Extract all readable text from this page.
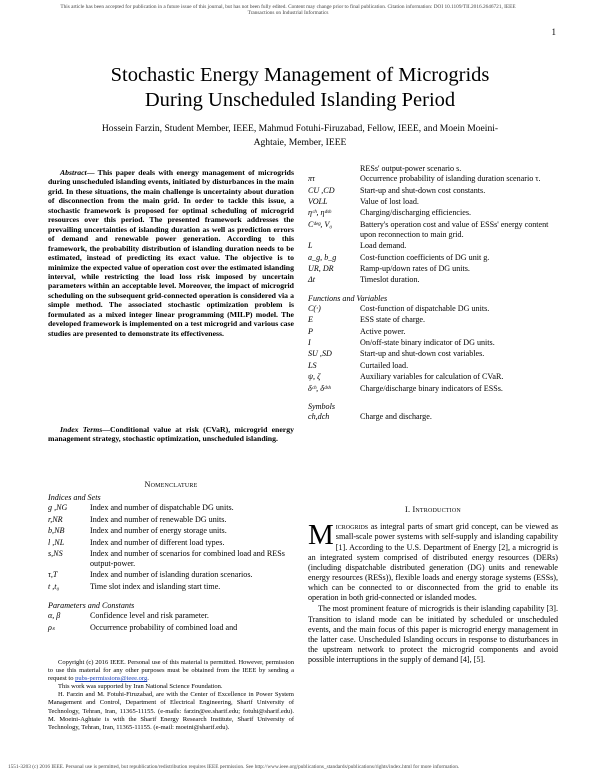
This article has been accepted for publication in a future issue of this journal, but has not been fully edited. Content may change prior to final publication. Citation information: DOI 10.1109/TII.2016.2646721, IEEE
Transactions on Industrial Informatics
1
Stochastic Energy Management of Microgrids
During Unscheduled Islanding Period
Hossein Farzin, Student Member, IEEE, Mahmud Fotuhi-Firuzabad, Fellow, IEEE, and Moein Moeini-
Aghtaie, Member, IEEE
Abstract— This paper deals with energy management of microgrids during unscheduled islanding events, initiated by disturbances in the main grid. In these situations, the main challenge is uncertainty about duration of disconnection from the main grid. In order to tackle this issue, a stochastic framework is proposed for optimal scheduling of microgrid resources over this period. The presented framework addresses the prevailing uncertainties of islanding duration as well as prediction errors of demand and renewable power generation. According to this framework, the probability distribution of islanding duration needs to be estimated, instead of predicting its exact value. The objective is to minimize the expected value of operation cost over the estimated islanding interval, while restricting the load loss risk imposed by uncertain parameters within an acceptable level. Moreover, the impact of microgrid scheduling on the subsequent grid-connected operation is considered via a simple method. The associated stochastic optimization problem is formulated as a mixed integer linear programming (MILP) model. The developed framework is implemented on a test microgrid and various case studies are presented to demonstrate its effectiveness.
Index Terms—Conditional value at risk (CVaR), microgrid energy management strategy, stochastic optimization, unscheduled islanding.
Nomenclature
Indices and Sets
g ,NG	Index and number of dispatchable DG units.
r,NR	Index and number of renewable DG units.
b,NB	Index and number of energy storage units.
l ,NL	Index and number of different load types.
s,NS	Index and number of scenarios for combined load and RESs output-power.
τ,T	Index and number of islanding duration scenarios.
t ,t₀	Time slot index and islanding start time.
Parameters and Constants
α, β	Confidence level and risk parameter.
ρₛ	Occurrence probability of combined load and
Copyright (c) 2016 IEEE. Personal use of this material is permitted. However, permission to use this material for any other purposes must be obtained from the IEEE by sending a request to pubs-permissions@ieee.org.
This work was supported by Iran National Science Foundation.
H. Farzin and M. Fotuhi-Firuzabad, are with the Center of Excellence in Power System Management and Control, Department of Electrical Engineering, Sharif University of Technology, Tehran, Iran, 11365-11155. (e-mails: farzin@ee.sharif.edu; fotuhi@sharif.edu). M. Moeini-Aghtaie is with the Sharif Energy Research Institute, Sharif University of Technology, Tehran, Iran, 11365-11155. (e-mail: moeini@sharif.edu).
RESs' output-power scenario s.
πτ	Occurrence probability of islanding duration scenario τ.
CU ,CD	Start-up and shut-down cost constants.
VOLL	Value of lost load.
ηᶜʰ, ηᵈˢʰ	Charging/discharging efficiencies.
Cᵈᵉᵍ, V₀	Battery's operation cost and value of ESSs' energy content upon reconnection to main grid.
L	Load demand.
a_g, b_g	Cost-function coefficients of DG unit g.
UR, DR	Ramp-up/down rates of DG units.
Δt	Timeslot duration.
Functions and Variables
C(·)	Cost-function of dispatchable DG units.
E	ESS state of charge.
P	Active power.
I	On/off-state binary indicator of DG units.
SU ,SD	Start-up and shut-down cost variables.
LS	Curtailed load.
ψ, ζ	Auxiliary variables for calculation of CVaR.
δᶜʰ, δᵈˢʰ	Charge/discharge binary indicators of ESSs.
Symbols
ch,dch	Charge and discharge.
I. Introduction
Microgrids as integral parts of smart grid concept, can be viewed as small-scale power systems with self-supply and islanding capability [1]. According to the U.S. Department of Energy [2], a microgrid is an integrated system comprised of distributed energy resources (DERs) (including dispatchable distributed generation (DG) units and renewable energy resources (RESs)), flexible loads and energy storage systems (ESSs), which can be connected to or disconnected from the grid to enable its operation in both grid-connected or islanded modes.
The most prominent feature of microgrids is their islanding capability [3]. Transition to island mode can be initiated by scheduled or unscheduled events, and the main focus of this paper is microgrid energy management in the latter case. Unscheduled Islanding occurs in response to disturbances in the upstream network to protect the microgrid components and avoid possible interruptions in the supply of demand [4], [5].
1551-3203 (c) 2016 IEEE. Personal use is permitted, but republication/redistribution requires IEEE permission. See http://www.ieee.org/publications_standards/publications/rights/index.html for more information.
